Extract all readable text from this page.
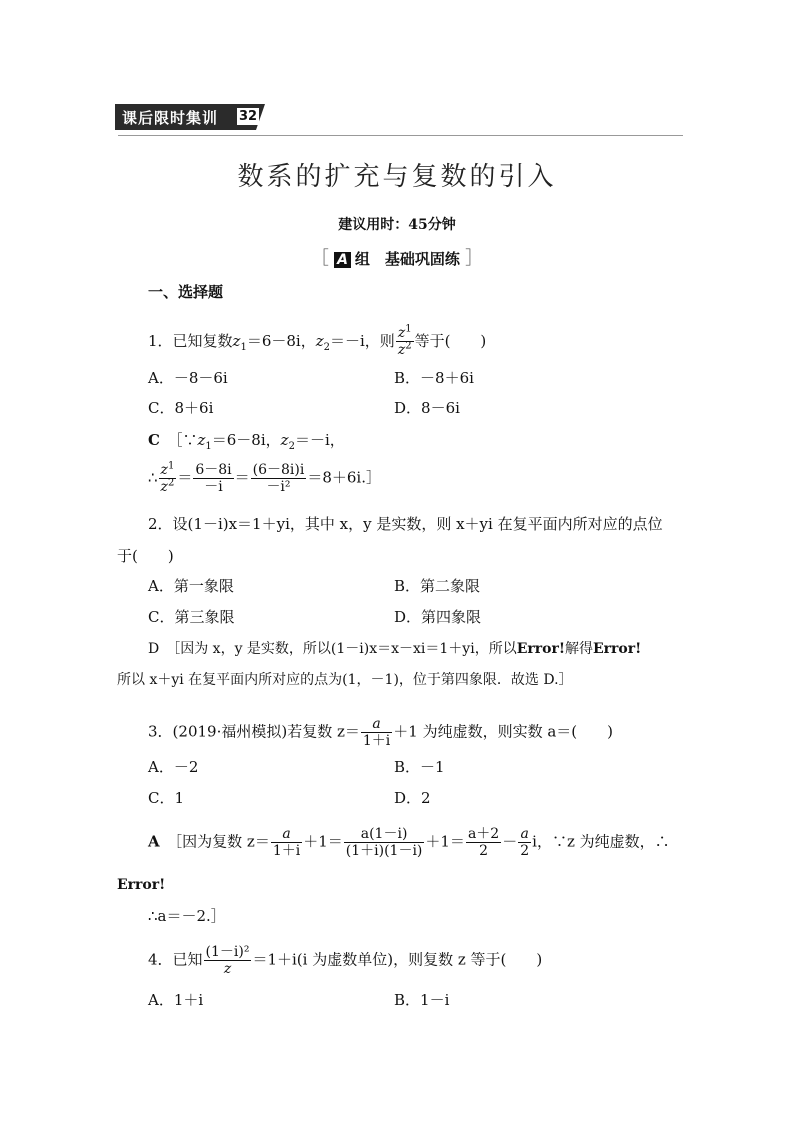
课后限时集训 32
数系的扩充与复数的引入
建议用时：45分钟
［ A 组　基础巩固练 ］
一、选择题
1．已知复数$z_1=6-8i$，$z_2=-i$，则 $\frac{z^1}{z^2}$ 等于(　　)
A．－8－6i	B．－8＋6i
C．8＋6i	D．8－6i
C　 $[\because z_1=6-8i$，$z_2=-i$，
∴ $\frac{z^1}{z^2} = \frac{6-8i}{-i} = \frac{(6-8i)i}{\text{－i²}}$ ＝8＋6i.］
2．设(1－i)x＝1＋yi，其中 x，y 是实数，则 x＋yi 在复平面内所对应的点位
于(　　)
A．第一象限	B．第二象限
C．第三象限	D．第四象限
D　［因为 x，y 是实数，所以(1－i)x＝x－xi＝1＋yi，所以Error!解得Error!
所以 x＋yi 在复平面内所对应的点为(1，－1)，位于第四象限．故选 D.］
3．(2019·福州模拟)若复数 $z= \frac{a}{1+i} +1$ 为纯虚数，则实数 a＝(　　)
A．－2	B．－1
C．1	D．2
A　 ［因为复数 $z= \frac{a}{1+i} +1= \frac{a(1-i)}{(1+i)(1-i)} +1= \frac{a+2}{2} - \frac{a}{2}$ i，∵z 为纯虚数，∴
Error!
∴a＝－2.］
4．已知 $\frac{\text{(1－i)²}}{z} =1+i(i$ 为虚数单位)，则复数 z 等于(　　)
A．1＋i	B．1－i
